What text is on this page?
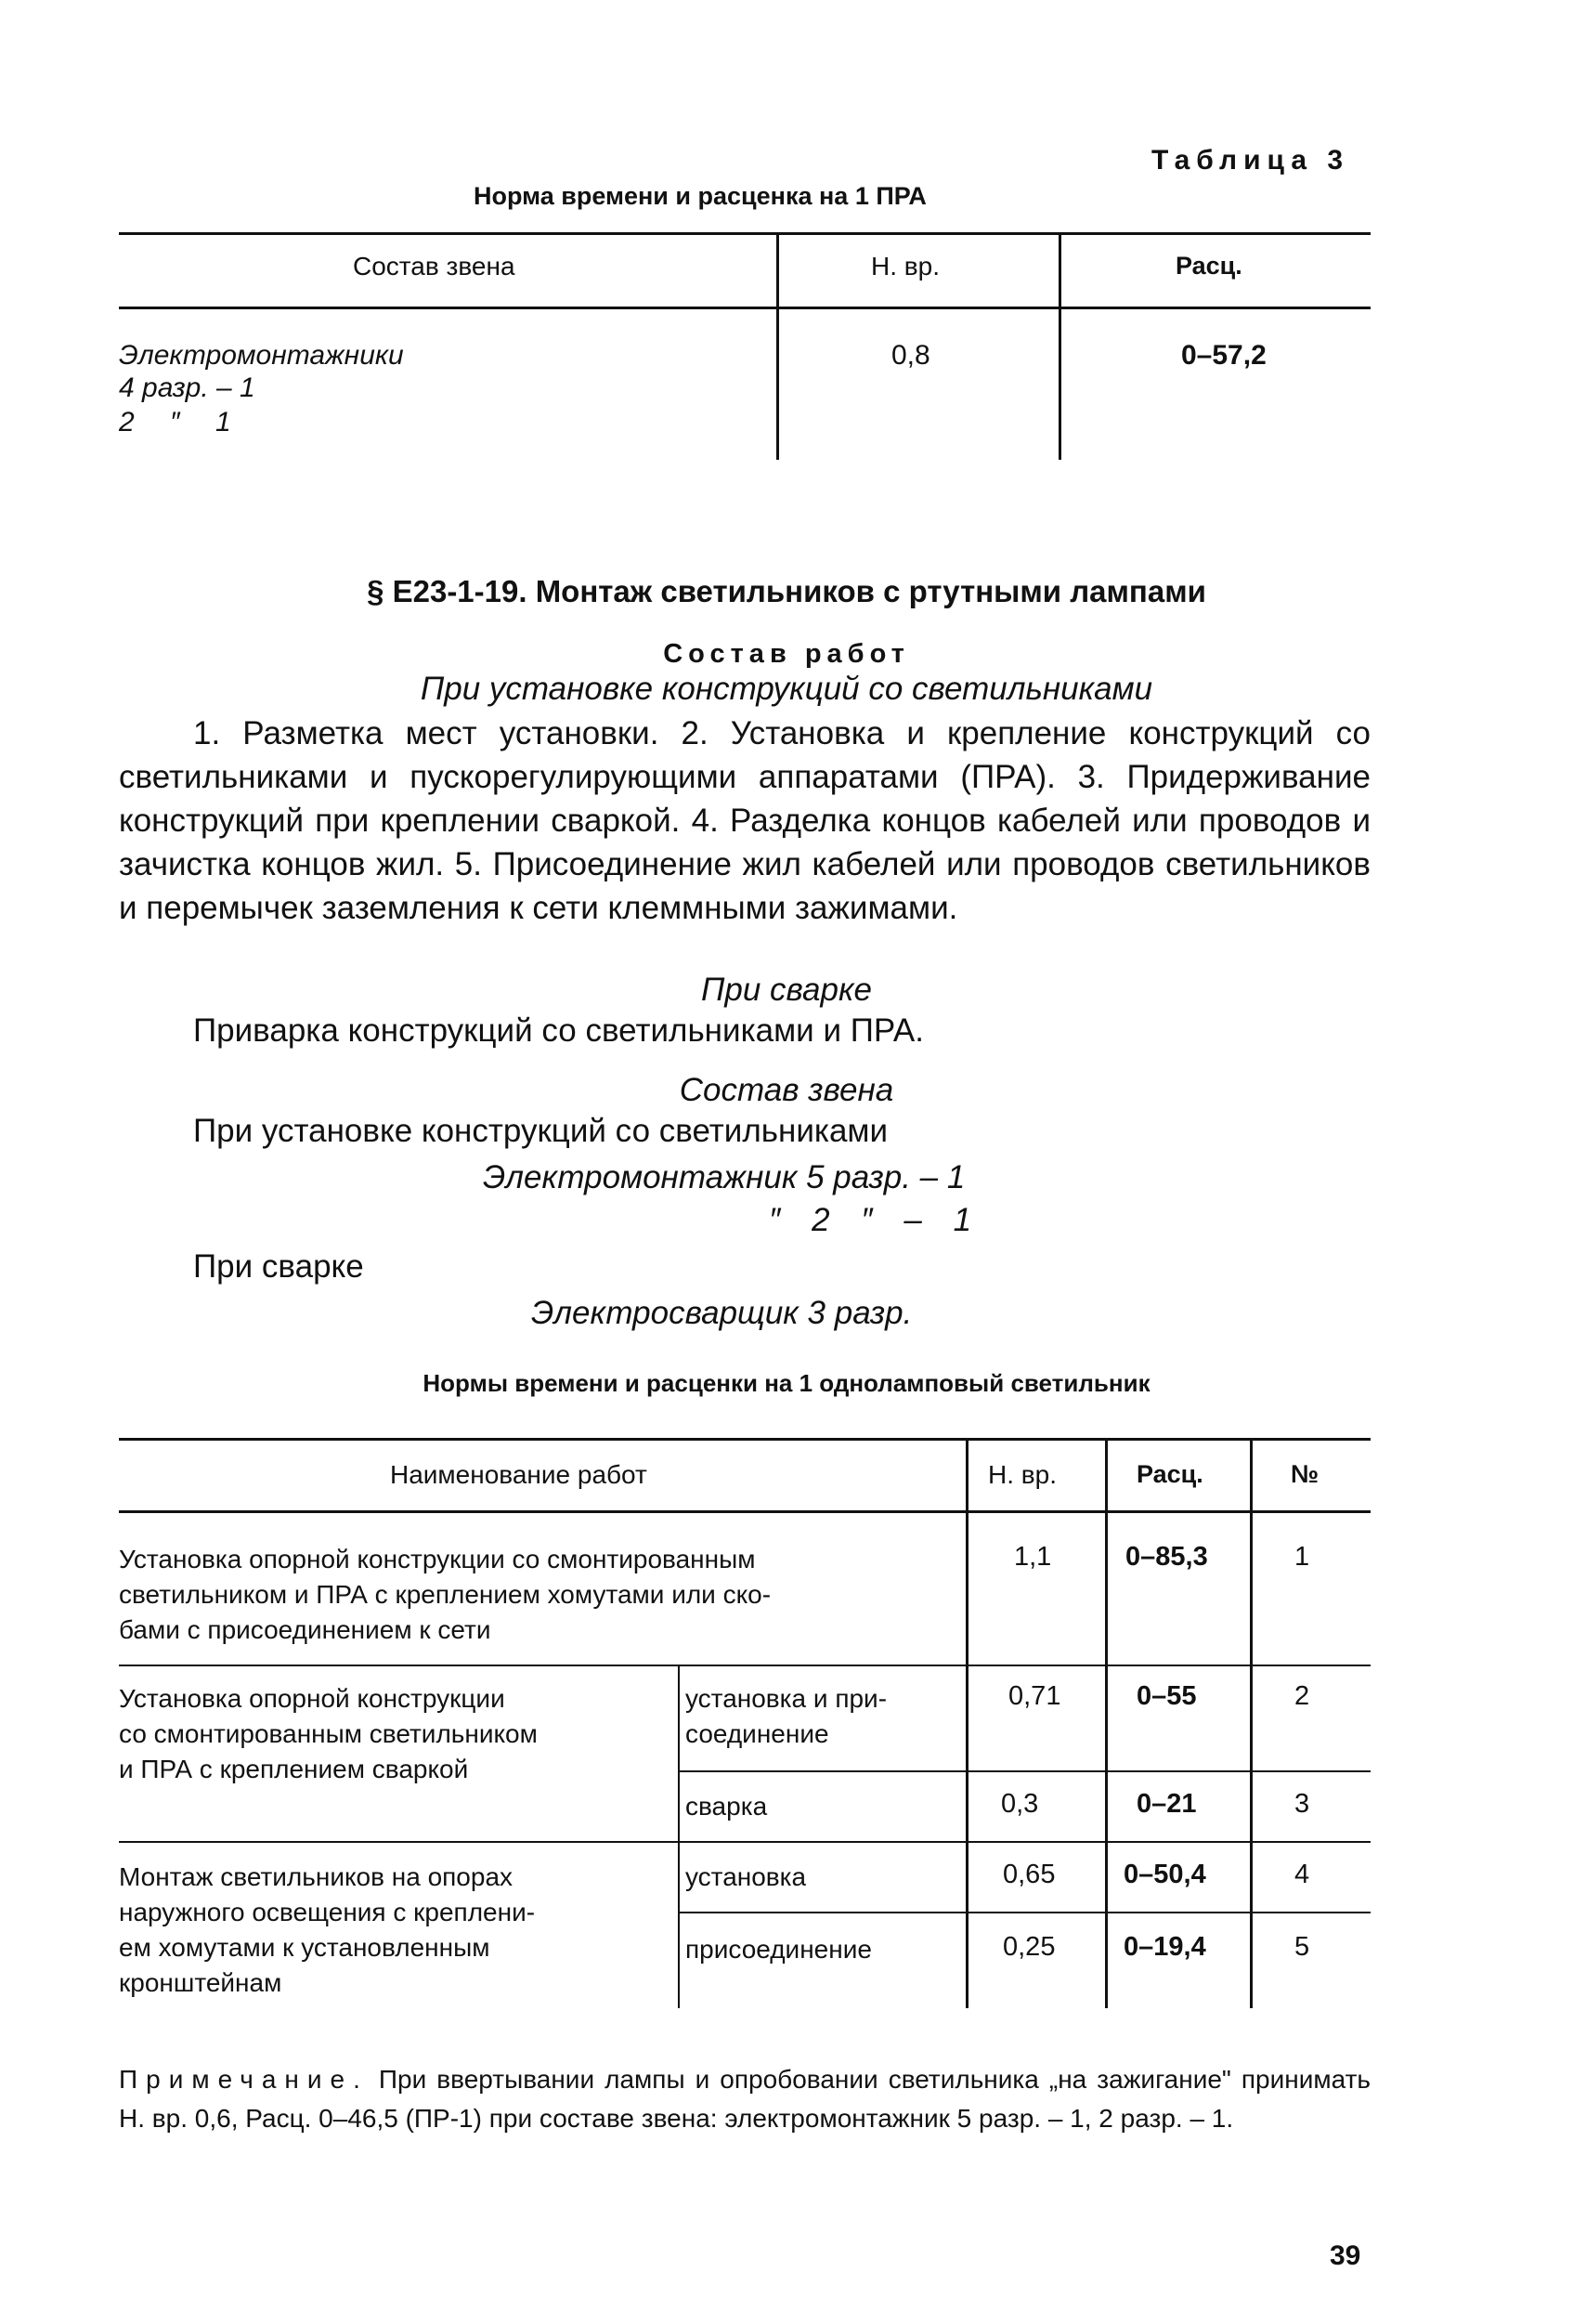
Таблица 3
Норма времени и расценка на 1 ПРА
Состав звена	Н. вр.	Расц.
Электромонтажники
4 разр. – 1
2 ″ 1
0,8	0–57,2
§ Е23-1-19. Монтаж светильников с ртутными лампами
Состав работ
При установке конструкций со светильниками
1. Разметка мест установки. 2. Установка и крепление конструкций со светильниками и пускорегулирующими аппаратами (ПРА). 3. Придерживание конструкций при креплении сваркой. 4. Разделка концов кабелей или проводов и зачистка концов жил. 5. Присоединение жил кабелей или проводов светильников и перемычек заземления к сети клеммными зажимами.
При сварке
Приварка конструкций со светильниками и ПРА.
Состав звена
При установке конструкций со светильниками
Электромонтажник 5 разр. – 1
″ 2 ″ – 1
При сварке
Электросварщик 3 разр.
Нормы времени и расценки на 1 одноламповый светильник
Наименование работ	Н. вр.	Расц.	№
Установка опорной конструкции со смонтированным
светильником и ПРА с креплением хомутами или ско-
бами с присоединением к сети
1,1	0–85,3	1
Установка опорной конструкции
со смонтированным светильником
и ПРА с креплением сваркой
установка и при-
соединение
0,71	0–55	2
сварка	0,3	0–21	3
Монтаж светильников на опорах
наружного освещения с креплени-
ем хомутами к установленным
кронштейнам
установка	0,65	0–50,4	4
присоединение	0,25	0–19,4	5
Примечание. При ввертывании лампы и опробовании светильника „на зажигание" принимать Н. вр. 0,6, Расц. 0–46,5 (ПР-1) при составе звена: электромонтажник 5 разр. – 1, 2 разр. – 1.
39
